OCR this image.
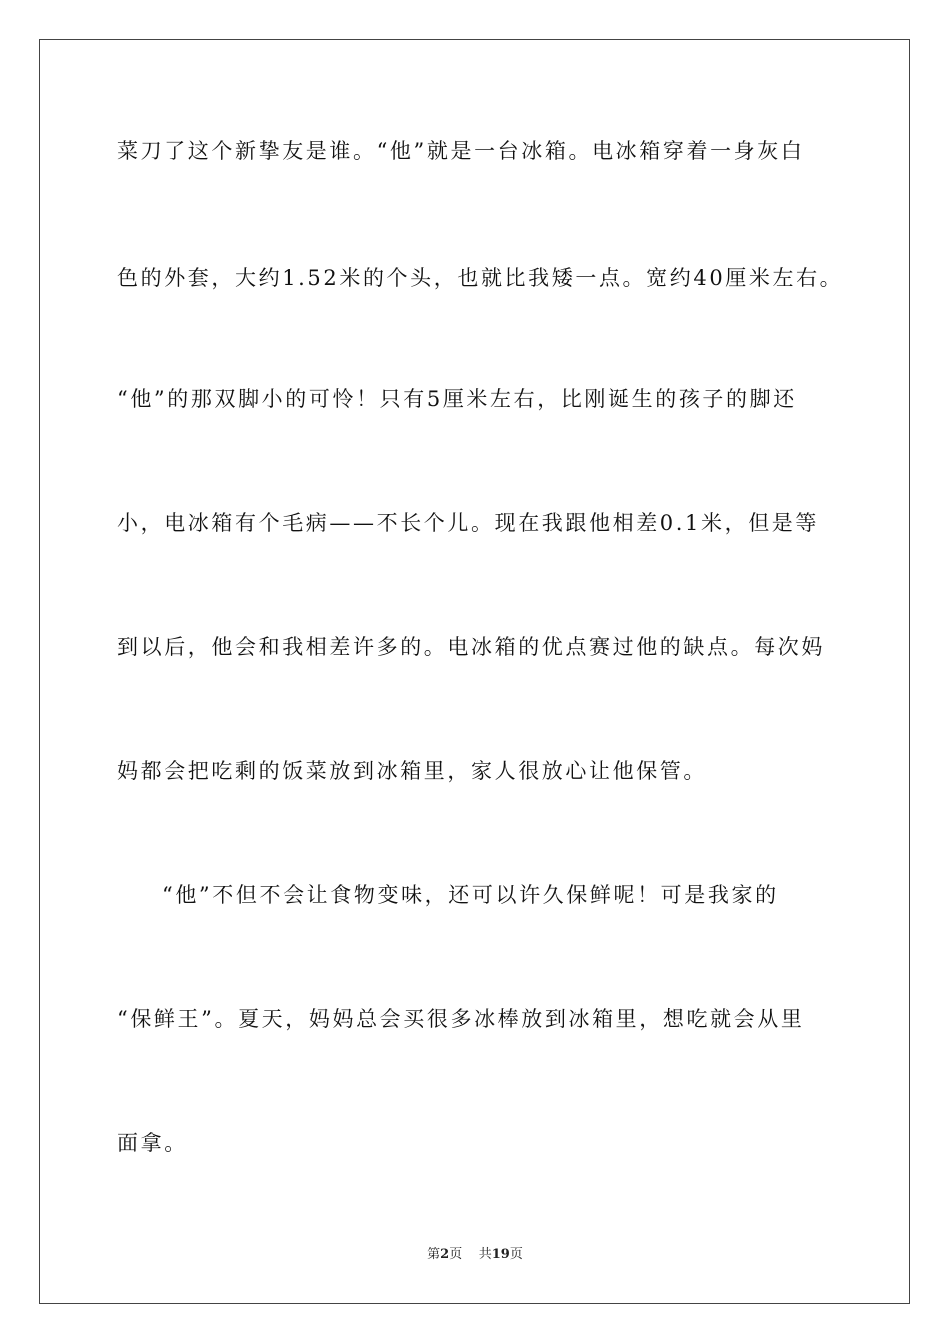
菜刀了这个新挚友是谁。“他”就是一台冰箱。电冰箱穿着一身灰白
色的外套，大约1.52米的个头，也就比我矮一点。宽约40厘米左右。
“他”的那双脚小的可怜！只有5厘米左右，比刚诞生的孩子的脚还
小，电冰箱有个毛病——不长个儿。现在我跟他相差0.1米，但是等
到以后，他会和我相差许多的。电冰箱的优点赛过他的缺点。每次妈
妈都会把吃剩的饭菜放到冰箱里，家人很放心让他保管。
“他”不但不会让食物变味，还可以许久保鲜呢！可是我家的
“保鲜王”。夏天，妈妈总会买很多冰棒放到冰箱里，想吃就会从里
面拿。
第2页 共19页
